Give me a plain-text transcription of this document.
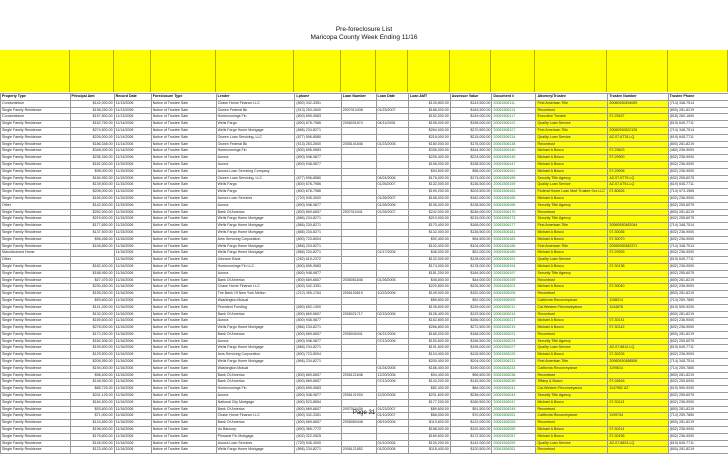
Pre-foreclosure List
Maricopa County Week Ending 11/16
Property Type	Principal Amt	Record Date	Foreclosure Type	Lender	Lphone	Loan Number	Loan Date	Loan AMT	Assessor Value	Document #	Attorney/Trustee	Trustee Number	Trustee Phone
Condominium	$142,000.00	11/13/2006	Notice of Trustee Sale	Chase Home Finance LLC	(800) 342-3351			$139,800.00	$143,500.00	20061506111	First American Title	20060930494009	(714) 348-7514
Single Family Residence	$198,250.00	11/13/2006	Notice of Trustee Sale	Ocwen Federal Bk	(513) 253-2600	2007010438	01/23/2007	$188,000.00	$183,500.00	20061506113	Recontrust		(800) 281-8219
Condominium	$157,500.00	11/13/2006	Notice of Trustee Sale	Homecomings Fin	(800) 695-9583			$152,000.00	$149,000.00	20061506117	Executive Trustee	07-29427	(818) 260-1600
Single Family Residence	$162,750.00	11/14/2006	Notice of Trustee Sale	Wells Fargo	(800) 678-7986	2006031874	04/11/2006	$155,000.00	$158,000.00	20061506122	Quality Loan Service		(619) 645-7711
Single Family Residence	$274,500.00	11/14/2006	Notice of Trustee Sale	Wells Fargo Home Mortgage	(866) 234-8271			$264,000.00	$270,500.00	20061506127	First American Title	20060930822126	(714) 348-7514
Single Family Residence	$226,000.00	11/14/2006	Notice of Trustee Sale	Ocwen Loan Servicing, LLC	(877) 596-8580			$218,000.00	$215,000.00	20061506134	Quality Loan Service	AZ-07-6778-LQ	(619) 645-7711
Single Family Residence	$186,348.00	11/14/2006	Notice of Trustee Sale	Ocwen Federal Bk	(513) 253-2600	2006141846	01/23/2006	$180,000.00	$176,000.00	20061506138	Recontrust		(800) 281-8219
Single Family Residence	$348,000.00	11/14/2006	Notice of Trustee Sale	Homecomings Fin	(800) 695-9583			$336,000.00	$344,500.00	20061506140	Michael A Bosco	07-29823	(480) 236-9000
Single Family Residence	$236,340.00	11/14/2006	Notice of Trustee Sale	Aurora	(800) 948-9877			$226,400.00	$224,000.00	20061506145	Michael A Bosco	07-29900	(602) 236-9000
Single Family Residence	$162,000.00	11/15/2006	Notice of Trustee Sale	Aurora	(800) 948-9877			$156,000.00	$158,500.00	20061506147	Michael A Bosco		(602) 236-9000
Single Family Residence	$98,000.00	11/15/2006	Notice of Trustee Sale	Aurora Loan Servicing Company				$94,500.00	$96,000.00	20061506151	Michael A Bosco	07-29906	(602) 236-9000
Single Family Residence	$184,952.00	11/15/2006	Notice of Trustee Sale	Ocwen Loan Servicing, LLC	(877) 596-8580		04/24/2006	$176,000.00	$174,000.00	20061506155	Security Title Agency	AZ-07-6779-LQ	(602) 255-6075
Single Family Residence	$139,500.00	11/15/2006	Notice of Trustee Sale	Wells Fargo	(800) 678-7986		01/26/2007	$132,000.00	$136,500.00	20061506159	Quality Loan Service	AZ-07-6791-LQ	(619) 645-7711
Single Family Residence	$208,000.00	11/15/2006	Notice of Trustee Sale	Wells Fargo	(800) 678-7986			$199,200.00	$203,500.00	20061506163	Federal Home Loan Mort Trustee Svc LLC	07-80626	(714) 573-1965
Single Family Residence	$165,000.00	11/15/2006	Notice of Trustee Sale	Aurora Loan Services	(720) 945-3000		01/26/2007	$158,000.00	$162,000.00	20061506165	Michael A Bosco		(602) 236-9000
Other	$142,000.00	11/15/2006	Notice of Trustee Sale	Aurora	(800) 948-9877		01/26/2006	$136,000.00	$138,500.00	20061506168	Security Title Agency		(602) 255-6075
Single Family Residence	$252,000.00	11/15/2006	Notice of Trustee Sale	Bank Of America	(800) 669-6607	2007010441	01/26/2007	$242,000.00	$246,000.00	20061506170	Recontrust		(800) 281-8219
Single Family Residence	$219,000.00	11/15/2006	Notice of Trustee Sale	Wells Fargo Home Mortgage	(866) 234-8271			$210,000.00	$215,000.00	20061506173	Security Title Agency		(602) 255-6075
Single Family Residence	$177,650.00	11/15/2006	Notice of Trustee Sale	Wells Fargo Home Mortgage	(866) 234-8271			$170,400.00	$168,000.00	20061506177	First American Title	20060930482044	(714) 348-7514
Single Family Residence	$137,500.00	11/15/2006	Notice of Trustee Sale	Wells Fargo Home Mortgage	(866) 234-8271			$132,000.00	$136,500.00	20061506181	Michael A Bosco	07-30036	(602) 236-9000
Single Family Residence	$96,456.00	11/16/2006	Notice of Trustee Sale	Ams Servicing Corporation	(800) 723-8004			$92,400.00	$94,500.00	20061506183	Michael A Bosco	07-30070	(602) 236-9000
Single Family Residence	$106,850.00	11/16/2006	Notice of Trustee Sale	Wells Fargo Home Mortgage	(866) 234-8271			$102,400.00	$104,000.00	20061506186	First American Title	20060930482371	(714) 348-7514
Manufactured Home		11/16/2006	Notice of Trustee Sale	Wells Fargo Home Mortgage	(866) 234-8271		01/17/2006	$48,000.00	$51,000.00	20061506189	Michael A Bosco	07-29939	(602) 236-9000
Other		11/16/2006	Notice of Trustee Sale	Johnson Bank	(262) 619-2372			$132,000.00	$128,000.00	20061506191	Quality Loan Service		(619) 645-7711
Single Family Residence	$182,400.00	11/16/2006	Notice of Trustee Sale	Homecomings Fin LLC	(800) 695-9583			$174,000.00	$178,000.00	20061506194	Michael A Bosco	07-30138	(602) 236-9000
Single Family Residence	$188,950.00	11/16/2006	Notice of Trustee Sale	Aurora	(800) 948-9877			$181,200.00	$184,500.00	20061506197	Security Title Agency		(602) 255-6075
Single Family Residence	$47,475.00	11/16/2006	Notice of Trustee Sale	Bank Of America	(800) 669-6607	2006051846	01/26/2006	$45,600.00	$44,000.00	20061506199	Recontrust		(800) 281-8219
Single Family Residence	$230,450.00	11/16/2006	Notice of Trustee Sale	Chase Home Finance LLC	(800) 342-3351			$220,800.00	$226,500.00	20061506201	Michael A Bosco	07-30040	(602) 236-9000
Single Family Residence	$155,250.00	11/16/2006	Notice of Trustee Sale	The Bank Of New York Mellon	(212) 495-1784	2006100619	10/23/2006	$149,000.00	$152,000.00	20061506206	Recontrust		(800) 281-8219
Single Family Residence	$93,600.00	11/16/2006	Notice of Trustee Sale	Washington Mutual				$89,600.00	$92,000.00	20061506209	California Reconveyance	1198014	(714) 259-7850
Single Family Residence	$141,330.00	11/16/2006	Notice of Trustee Sale	Provident Funding	(650) 652-1300			$135,600.00	$139,000.00	20061506211	Cal-Western Reconveyance	1144876	(619) 590-9200
Single Family Residence	$132,000.00	11/16/2006	Notice of Trustee Sale	Bank Of America	(800) 669-6607	2006021717	02/15/2006	$126,400.00	$129,500.00	20061506214	Recontrust		(800) 281-8219
Single Family Residence	$169,600.00	11/16/2006	Notice of Trustee Sale	Aurora	(800) 948-9877			$162,800.00	$166,000.00	20061506217	Michael A Bosco	07-30141	(602) 236-9000
Single Family Residence	$278,000.00	11/16/2006	Notice of Trustee Sale	Wells Fargo Home Mortgage	(866) 234-8271			$266,800.00	$272,500.00	20061506219	Michael A Bosco	07-30142	(602) 236-9000
Single Family Residence	$172,250.00	11/16/2006	Notice of Trustee Sale	Bank Of America	(800) 669-6607	2006040441	04/21/2006	$165,200.00	$168,000.00	20061506221	Recontrust		(800) 281-8219
Single Family Residence	$160,306.00	11/16/2006	Notice of Trustee Sale	Aurora	(800) 948-9877		07/13/2006	$153,600.00	$156,500.00	20061506224	Security Title Agency		(602) 255-6075
Single Family Residence	$199,500.00	11/16/2006	Notice of Trustee Sale	Wells Fargo Home Mortgage	(866) 234-8271			$191,600.00	$195,000.00	20061506227	Quality Loan Service	AZ-07-6812-LQ	(619) 645-7711
Single Family Residence	$129,500.00	11/16/2006	Notice of Trustee Sale	Ams Servicing Corporation	(800) 723-8004			$124,400.00	$126,500.00	20061506229	Michael A Bosco	07-30226	(602) 236-9000
Single Family Residence	$208,950.00	11/16/2006	Notice of Trustee Sale	Wells Fargo Home Mortgage	(866) 234-8271			$200,400.00	$204,000.00	20061506231	First American Title	20060930488506	(714) 348-7514
Single Family Residence	$194,000.00	11/16/2006	Notice of Trustee Sale	Washington Mutual			01/24/2006	$186,400.00	$190,000.00	20061506233	California Reconveyance	1199814	(714) 259-7850
Single Family Residence	$98,400.00	11/16/2006	Notice of Trustee Sale	Bank Of America	(800) 669-6607	2006121846	12/20/2006	$94,400.00	$96,500.00	20061506236	Recontrust		(800) 281-8219
Single Family Residence	$148,950.00	11/16/2006	Notice of Trustee Sale	Bank Of America	(800) 669-6607		07/13/2006	$143,200.00	$145,500.00	20061506239	Tiffany & Bosco	07-02616	(602) 255-6000
Single Family Residence	$85,725.00	11/16/2006	Notice of Trustee Sale	Homecomings Fin	(800) 695-9583			$82,400.00	$84,000.00	20061506241	Cal-Western Reconveyance	1147982 AZ	(619) 590-9200
Single Family Residence	$241,125.00	11/16/2006	Notice of Trustee Sale	Aurora	(800) 948-9877	2006121904	12/20/2006	$231,600.00	$236,000.00	20061506244	Security Title Agency		(602) 255-6075
Single Family Residence	$184,500.00	11/16/2006	Notice of Trustee Sale	National City Mortgage	(800) 523-8654			$177,200.00	$180,500.00	20061506247	Michael A Bosco	07-30113	(602) 236-9000
Single Family Residence	$93,600.00	11/16/2006	Notice of Trustee Sale	Bank Of America	(800) 669-6607	2007010439	01/23/2007	$89,600.00	$91,500.00	20061506249	Recontrust		(800) 281-8219
Single Family Residence	$71,000.00	11/16/2006	Notice of Trustee Sale	Chase Home Finance LLC	(800) 342-3351		01/10/2007	$68,000.00	$70,000.00	20061506251	California Reconveyance	1199744	(714) 259-7850
Single Family Residence	$124,650.00	11/16/2006	Notice of Trustee Sale	Bank Of America	(800) 669-6607	2006050448	05/19/2006	$119,600.00	$122,000.00	20061506253	Recontrust		(800) 281-8219
Single Family Residence	$196,000.00	11/16/2006	Notice of Trustee Sale	Us Bancorp	(800) 365-7772			$188,000.00	$192,500.00	20061506255	Michael A Bosco	07-30114	(602) 236-9000
Single Family Residence	$176,600.00	11/16/2006	Notice of Trustee Sale	Pinnacle Fin Mortgage	(602) 322-0525			$169,600.00	$172,500.00	20061506257	Michael A Bosco	07-30156	(602) 236-9000
Single Family Residence	$145,000.00	11/16/2006	Notice of Trustee Sale	Aurora Loan Services	(720) 945-3000		01/10/2006	$139,200.00	$142,000.00	20061506259	Quality Loan Service	AZ-07-6824-LQ	(619) 645-7711
Single Family Residence	$123,450.00	11/16/2006	Notice of Trustee Sale	Wells Fargo Home Mortgage	(866) 234-8271	2006121852	01/20/2006	$118,400.00	$120,500.00	20061506261	Recontrust		(800) 281-8219
Page 31
